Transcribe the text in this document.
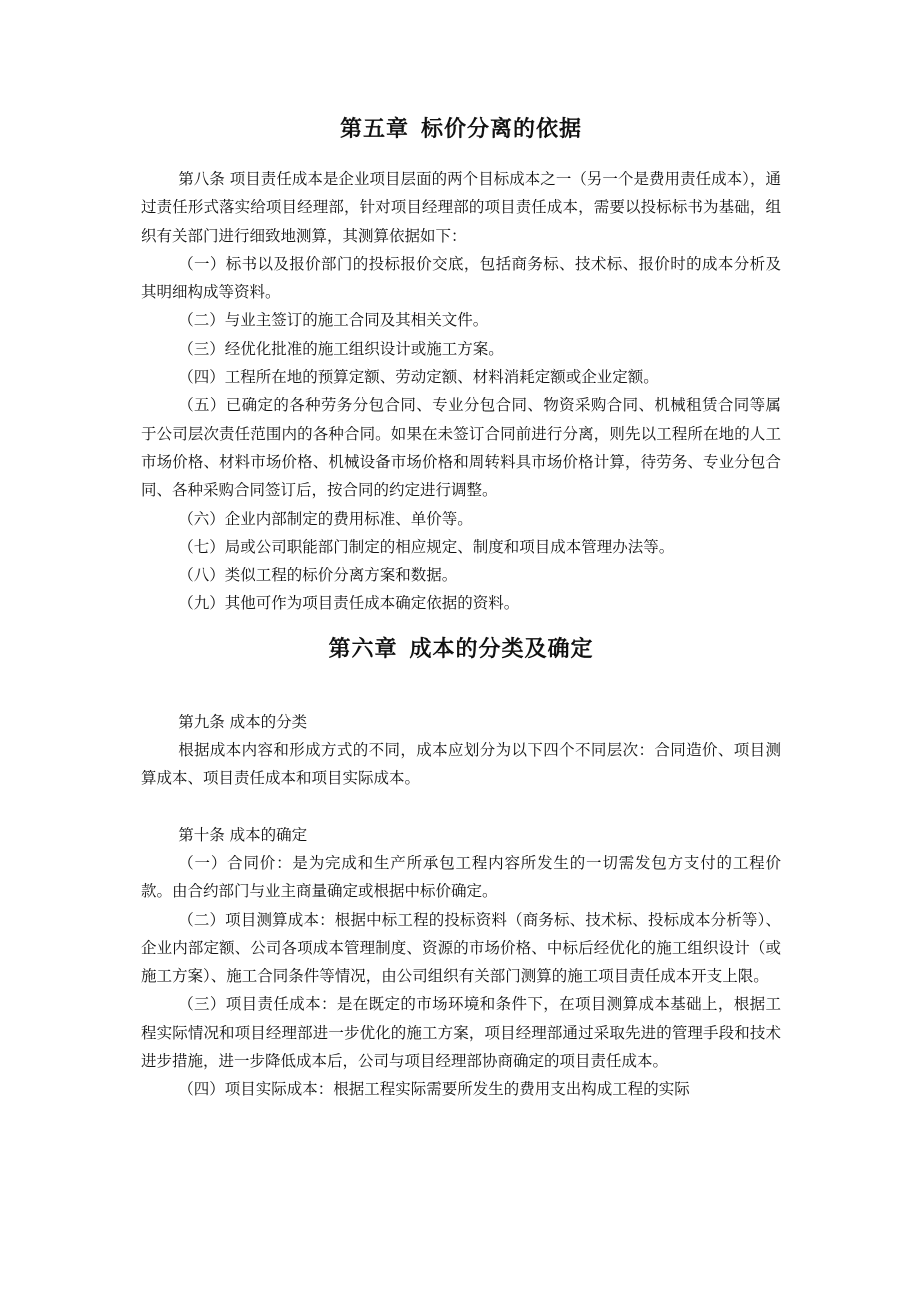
第五章 标价分离的依据

第八条 项目责任成本是企业项目层面的两个目标成本之一（另一个是费用责任成本），通过责任形式落实给项目经理部，针对项目经理部的项目责任成本，需要以投标标书为基础，组织有关部门进行细致地测算，其测算依据如下：

（一）标书以及报价部门的投标报价交底，包括商务标、技术标、报价时的成本分析及其明细构成等资料。

（二）与业主签订的施工合同及其相关文件。

（三）经优化批准的施工组织设计或施工方案。

（四）工程所在地的预算定额、劳动定额、材料消耗定额或企业定额。

（五）已确定的各种劳务分包合同、专业分包合同、物资采购合同、机械租赁合同等属于公司层次责任范围内的各种合同。如果在未签订合同前进行分离，则先以工程所在地的人工市场价格、材料市场价格、机械设备市场价格和周转料具市场价格计算，待劳务、专业分包合同、各种采购合同签订后，按合同的约定进行调整。

（六）企业内部制定的费用标准、单价等。

（七）局或公司职能部门制定的相应规定、制度和项目成本管理办法等。

（八）类似工程的标价分离方案和数据。

（九）其他可作为项目责任成本确定依据的资料。

第六章 成本的分类及确定

第九条 成本的分类

根据成本内容和形成方式的不同，成本应划分为以下四个不同层次：合同造价、项目测算成本、项目责任成本和项目实际成本。

第十条 成本的确定

（一）合同价：是为完成和生产所承包工程内容所发生的一切需发包方支付的工程价款。由合约部门与业主商量确定或根据中标价确定。

（二）项目测算成本：根据中标工程的投标资料（商务标、技术标、投标成本分析等）、企业内部定额、公司各项成本管理制度、资源的市场价格、中标后经优化的施工组织设计（或施工方案）、施工合同条件等情况，由公司组织有关部门测算的施工项目责任成本开支上限。

（三）项目责任成本：是在既定的市场环境和条件下，在项目测算成本基础上，根据工程实际情况和项目经理部进一步优化的施工方案，项目经理部通过采取先进的管理手段和技术进步措施，进一步降低成本后，公司与项目经理部协商确定的项目责任成本。

（四）项目实际成本：根据工程实际需要所发生的费用支出构成工程的实际
